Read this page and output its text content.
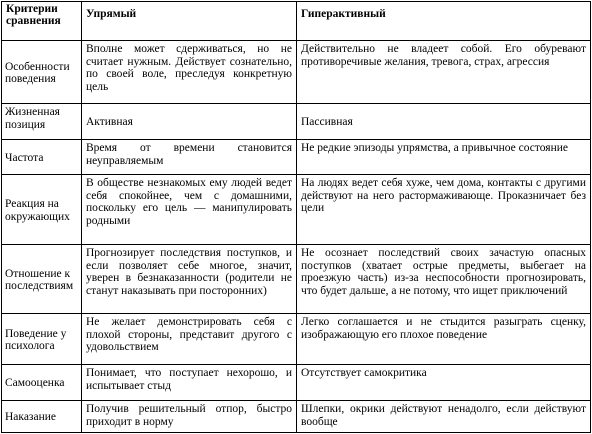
Критерии сравнения	Упрямый	Гиперактивный
Особенности поведения	Вполне может сдерживаться, но не считает нужным. Действует сознательно, по своей воле, преследуя конкретную цель	Действительно не владеет собой. Его обуревают противоречивые желания, тревога, страх, агрессия
Жизненная позиция	Активная	Пассивная
Частота	Время от времени становится неуправляемым	Не редкие эпизоды упрямства, а привычное состояние
Реакция на окружающих	В обществе незнакомых ему людей ведет себя спокойнее, чем с домашними, поскольку его цель — манипулировать родными	На людях ведет себя хуже, чем дома, контакты с другими действуют на него растормаживающе. Проказничает без цели
Отношение к последствиям	Прогнозирует последствия поступков, и если позволяет себе многое, значит, уверен в безнаказанности (родители не станут наказывать при посторонних)	Не осознает последствий своих зачастую опасных поступков (хватает острые предметы, выбегает на проезжую часть) из-за неспособности прогнозировать, что будет дальше, а не потому, что ищет приключений
Поведение у психолога	Не желает демонстрировать себя с плохой стороны, представит другого с удовольствием	Легко соглашается и не стыдится разыграть сценку, изображающую его плохое поведение
Самооценка	Понимает, что поступает нехорошо, и испытывает стыд	Отсутствует самокритика
Наказание	Получив решительный отпор, быстро приходит в норму	Шлепки, окрики действуют ненадолго, если действуют вообще
